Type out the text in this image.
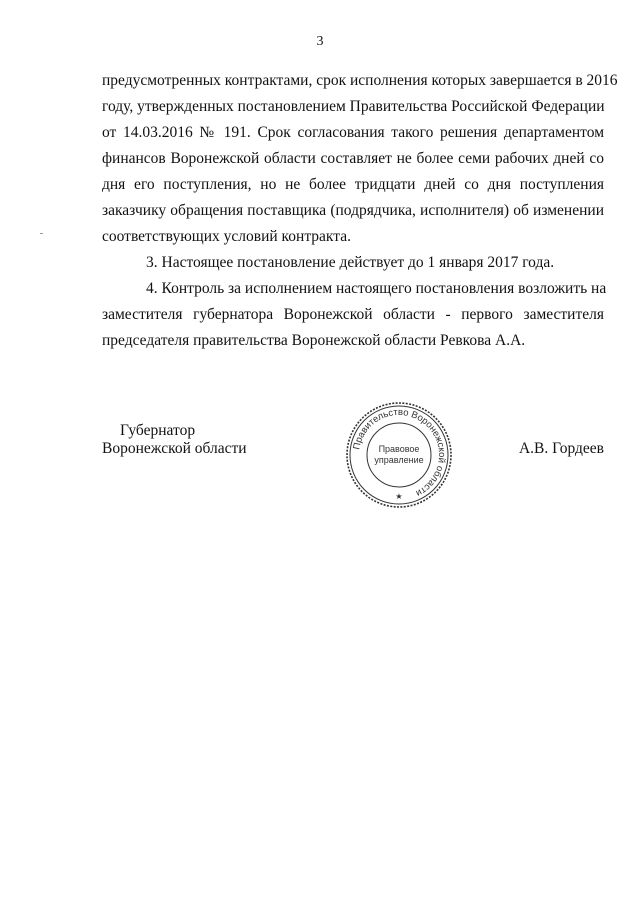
3
предусмотренных контрактами, срок исполнения которых завершается в 2016
году, утвержденных постановлением Правительства Российской Федерации
от 14.03.2016 № 191. Срок согласования такого решения департаментом
финансов Воронежской области составляет не более семи рабочих дней со
дня его поступления, но не более тридцати дней со дня поступления
заказчику обращения поставщика (подрядчика, исполнителя) об изменении
соответствующих условий контракта.
3. Настоящее постановление действует до 1 января 2017 года.
4. Контроль за исполнением настоящего постановления возложить на
заместителя губернатора Воронежской области - первого заместителя
председателя правительства Воронежской области Ревкова А.А.
Губернатор
Воронежской области	Правительство Воронежской области
Правовое
управление
★
А.В. Гордеев
